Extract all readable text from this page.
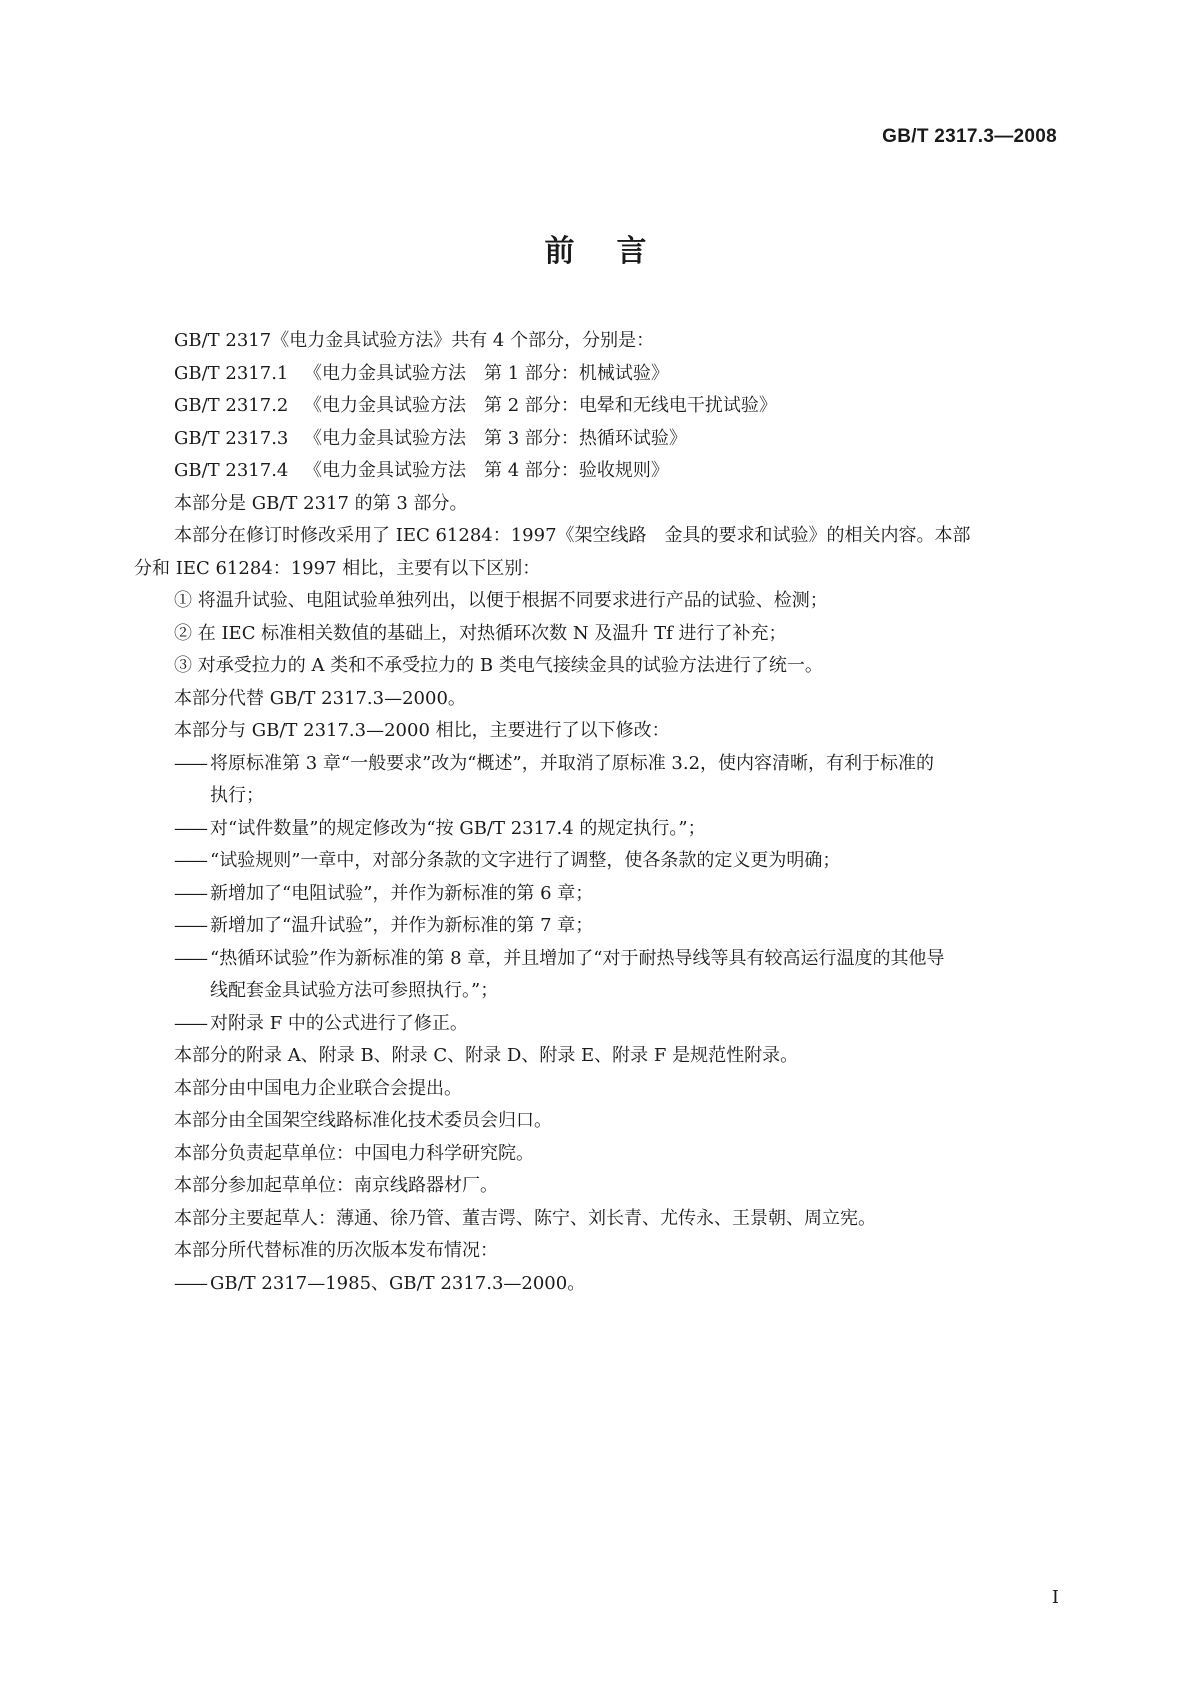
GB/T 2317.3—2008
前言
GB/T 2317《电力金具试验方法》共有 4 个部分，分别是：
GB/T 2317.1 《电力金具试验方法 第 1 部分：机械试验》
GB/T 2317.2 《电力金具试验方法 第 2 部分：电晕和无线电干扰试验》
GB/T 2317.3 《电力金具试验方法 第 3 部分：热循环试验》
GB/T 2317.4 《电力金具试验方法 第 4 部分：验收规则》
本部分是 GB/T 2317 的第 3 部分。
本部分在修订时修改采用了 IEC 61284：1997《架空线路　金具的要求和试验》的相关内容。本部
分和 IEC 61284：1997 相比，主要有以下区别：
① 将温升试验、电阻试验单独列出，以便于根据不同要求进行产品的试验、检测；
② 在 IEC 标准相关数值的基础上，对热循环次数 N 及温升 Tf 进行了补充；
③ 对承受拉力的 A 类和不承受拉力的 B 类电气接续金具的试验方法进行了统一。
本部分代替 GB/T 2317.3—2000。
本部分与 GB/T 2317.3—2000 相比，主要进行了以下修改：
—— 将原标准第 3 章“一般要求”改为“概述”，并取消了原标准 3.2，使内容清晰，有利于标准的
执行；
—— 对“试件数量”的规定修改为“按 GB/T 2317.4 的规定执行。”；
—— “试验规则”一章中，对部分条款的文字进行了调整，使各条款的定义更为明确；
—— 新增加了“电阻试验”，并作为新标准的第 6 章；
—— 新增加了“温升试验”，并作为新标准的第 7 章；
—— “热循环试验”作为新标准的第 8 章，并且增加了“对于耐热导线等具有较高运行温度的其他导
线配套金具试验方法可参照执行。”；
—— 对附录 F 中的公式进行了修正。
本部分的附录 A、附录 B、附录 C、附录 D、附录 E、附录 F 是规范性附录。
本部分由中国电力企业联合会提出。
本部分由全国架空线路标准化技术委员会归口。
本部分负责起草单位：中国电力科学研究院。
本部分参加起草单位：南京线路器材厂。
本部分主要起草人：薄通、徐乃管、董吉谔、陈宁、刘长青、尤传永、王景朝、周立宪。
本部分所代替标准的历次版本发布情况：
—— GB/T 2317—1985、GB/T 2317.3—2000。
I
